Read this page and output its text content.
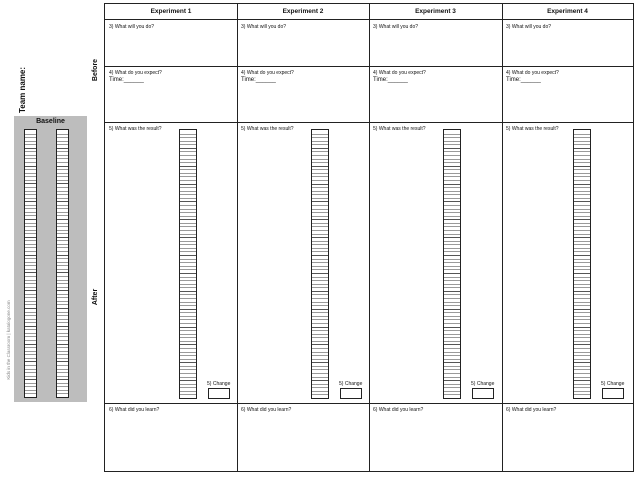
Team name:	Before
After
Kids in the Classroom | katalogone.com
Baseline
Experiment 1
3) What will you do?
4) What do you expect?
Time:______
5) What was the result?
5) Change
6) What did you learn?
Experiment 2
3) What will you do?
4) What do you expect?
Time:______
5) What was the result?
5) Change
6) What did you learn?
Experiment 3
3) What will you do?
4) What do you expect?
Time:______
5) What was the result?
5) Change
6) What did you learn?
Experiment 4
3) What will you do?
4) What do you expect?
Time:______
5) What was the result?
5) Change
6) What did you learn?
